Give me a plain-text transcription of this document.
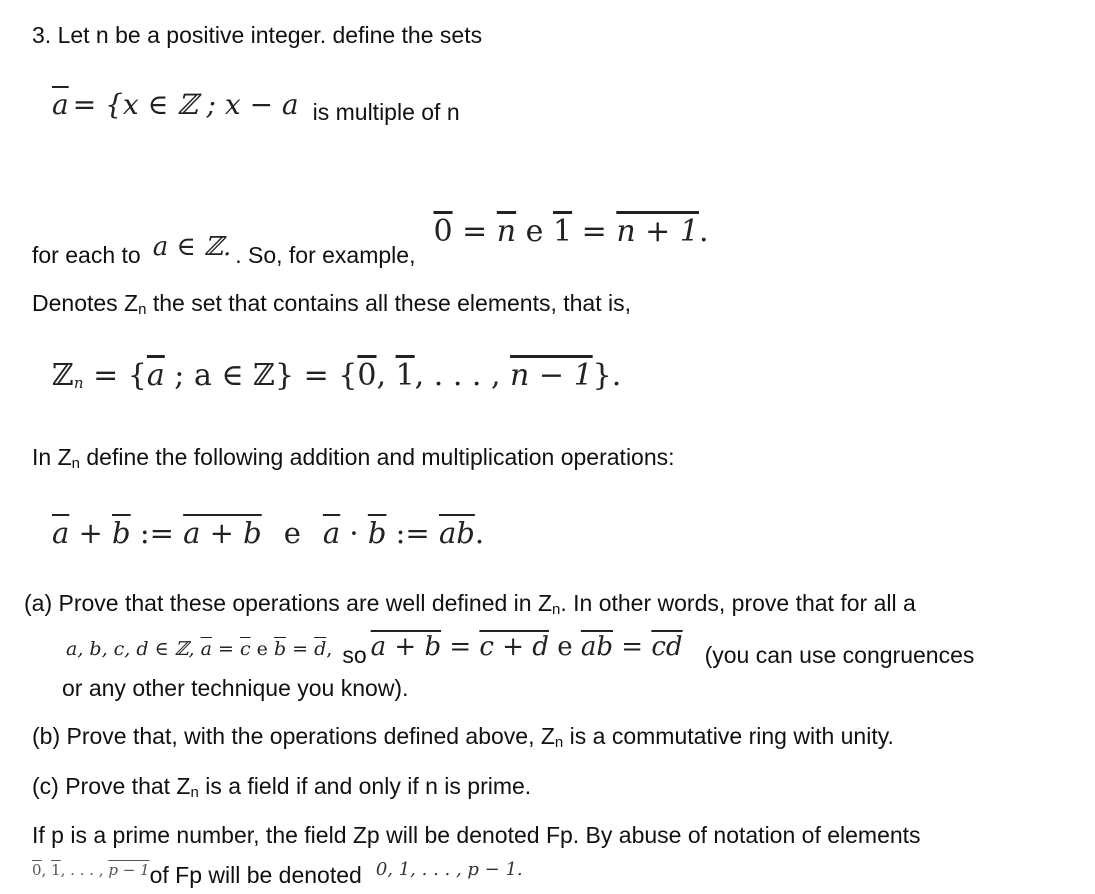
3. Let n be a positive integer. define the sets
$\overline{a} = \{x$ ∈ ℤ ; x − a is multiple of n
for each to a ∈ ℤ. . So, for example, $0 = \overline{n}$ e 1 = n + 1.
Denotes $Z_n$ the set that contains all these elements, that is,
ℤ$_n$ = {$\overline{a}$ ; a ∈ ℤ} = {0, 1, . . . , n − 1}.
In $Z_n$ define the following addition and multiplication operations:
$\overline{a} + \overline{b}$ := a + b e $\overline{a} \cdot \overline{b}$ := $\overline{ab}$.
(a) Prove that these operations are well defined in $Z_n$. In other words, prove that for all a
a, b, c, d ∈ ℤ, $\overline{a} = \overline{c}$ e $\overline{b} = \overline{d}$, so a + b = c + d e $\overline{ab} = \overline{cd}$ (you can use congruences
or any other technique you know).
(b) Prove that, with the operations defined above, $Z_n$ is a commutative ring with unity.
(c) Prove that $Z_n$ is a field if and only if n is prime.
If p is a prime number, the field Zp will be denoted Fp. By abuse of notation of elements
0, 1, . . . , p − 1of Fp will be denoted 0, 1, . . . , p − 1.
